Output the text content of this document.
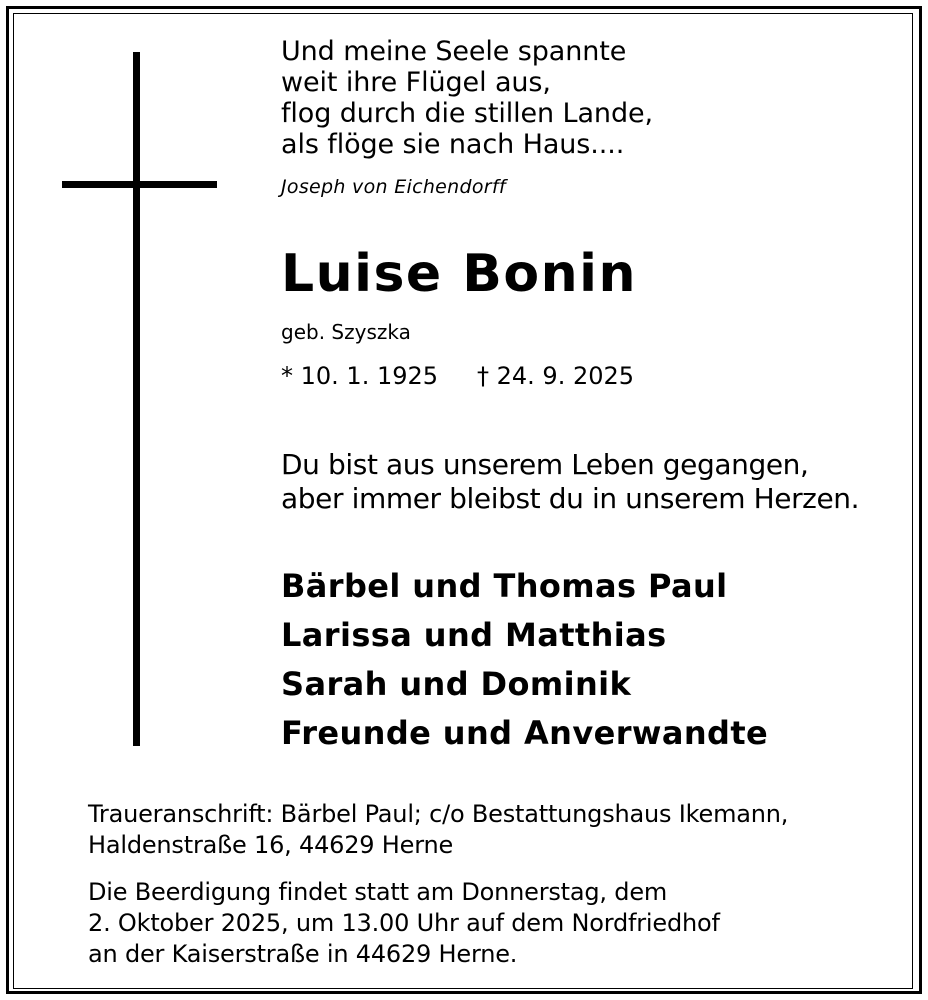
Und meine Seele spannte
weit ihre Flügel aus,
flog durch die stillen Lande,
als flöge sie nach Haus....
Joseph von Eichendorff
Luise Bonin
geb. Szyszka
* 10. 1. 1925 † 24. 9. 2025
Du bist aus unserem Leben gegangen,
aber immer bleibst du in unserem Herzen.
Bärbel und Thomas Paul
Larissa und Matthias
Sarah und Dominik
Freunde und Anverwandte
Traueranschrift: Bärbel Paul; c/o Bestattungshaus Ikemann,
Haldenstraße 16, 44629 Herne
Die Beerdigung findet statt am Donnerstag, dem
2. Oktober 2025, um 13.00 Uhr auf dem Nordfriedhof
an der Kaiserstraße in 44629 Herne.
